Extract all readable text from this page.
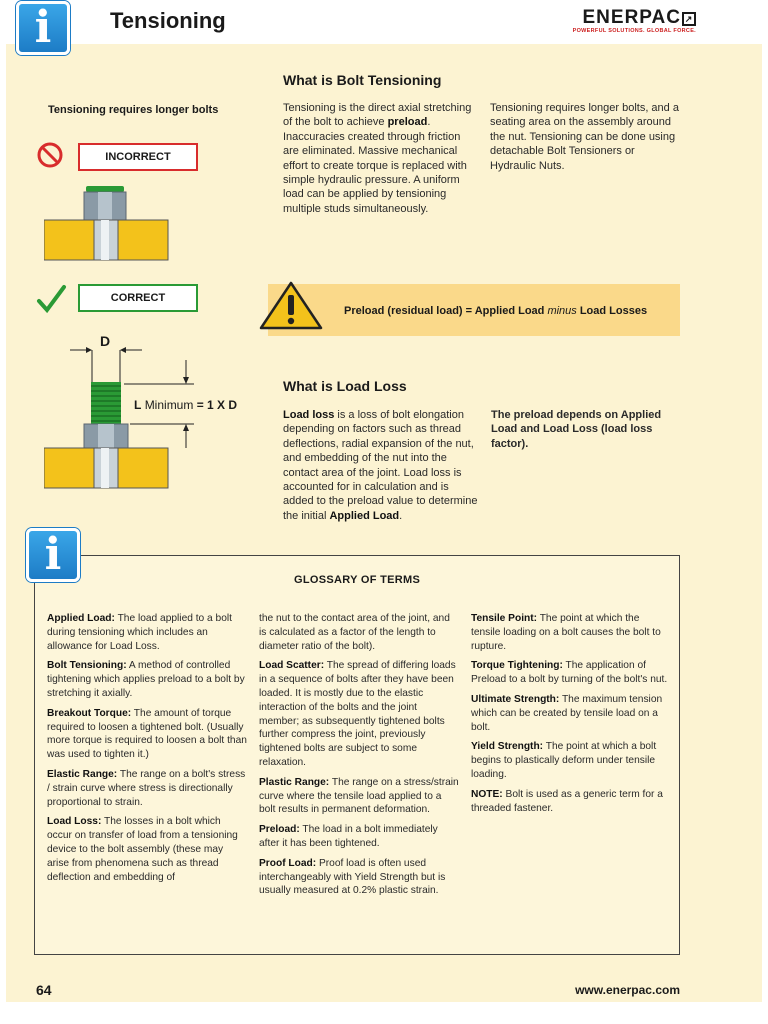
i	Tensioning	ENERPAC ↗
POWERFUL SOLUTIONS. GLOBAL FORCE.
Tensioning requires longer bolts
INCORRECT
CORRECT
D
L Minimum = 1 X D
What is Bolt Tensioning
Tensioning is the direct axial stretching of the bolt to achieve preload. Inaccuracies created through friction are eliminated. Massive mechanical effort to create torque is replaced with simple hydraulic pressure. A uniform load can be applied by tensioning multiple studs simultaneously.
Tensioning requires longer bolts, and a seating area on the assembly around the nut. Tensioning can be done using detachable Bolt Tensioners or Hydraulic Nuts.
Preload (residual load) = Applied Load minus Load Losses
What is Load Loss
Load loss is a loss of bolt elongation depending on factors such as thread deflections, radial expansion of the nut, and embedding of the nut into the contact area of the joint. Load loss is accounted for in calculation and is added to the preload value to determine the initial Applied Load.
The preload depends on Applied Load and Load Loss (load loss factor).
i	GLOSSARY OF TERMS

Applied Load: The load applied to a bolt during tensioning which includes an allowance for Load Loss.

Bolt Tensioning: A method of controlled tightening which applies preload to a bolt by stretching it axially.

Breakout Torque: The amount of torque required to loosen a tightened bolt. (Usually more torque is required to loosen a bolt than was used to tighten it.)

Elastic Range: The range on a bolt's stress / strain curve where stress is directionally proportional to strain.

Load Loss: The losses in a bolt which occur on transfer of load from a tensioning device to the bolt assembly (these may arise from phenomena such as thread deflection and embedding of

the nut to the contact area of the joint, and is calculated as a factor of the length to diameter ratio of the bolt).

Load Scatter: The spread of differing loads in a sequence of bolts after they have been loaded. It is mostly due to the elastic interaction of the bolts and the joint member; as subsequently tightened bolts further compress the joint, previously tightened bolts are subject to some relaxation.

Plastic Range: The range on a stress/strain curve where the tensile load applied to a bolt results in permanent deformation.

Preload: The load in a bolt immediately after it has been tightened.

Proof Load: Proof load is often used interchangeably with Yield Strength but is usually measured at 0.2% plastic strain.

Tensile Point: The point at which the tensile loading on a bolt causes the bolt to rupture.

Torque Tightening: The application of Preload to a bolt by turning of the bolt's nut.

Ultimate Strength: The maximum tension which can be created by tensile load on a bolt.

Yield Strength: The point at which a bolt begins to plastically deform under tensile loading.

NOTE: Bolt is used as a generic term for a threaded fastener.

64	www.enerpac.com
